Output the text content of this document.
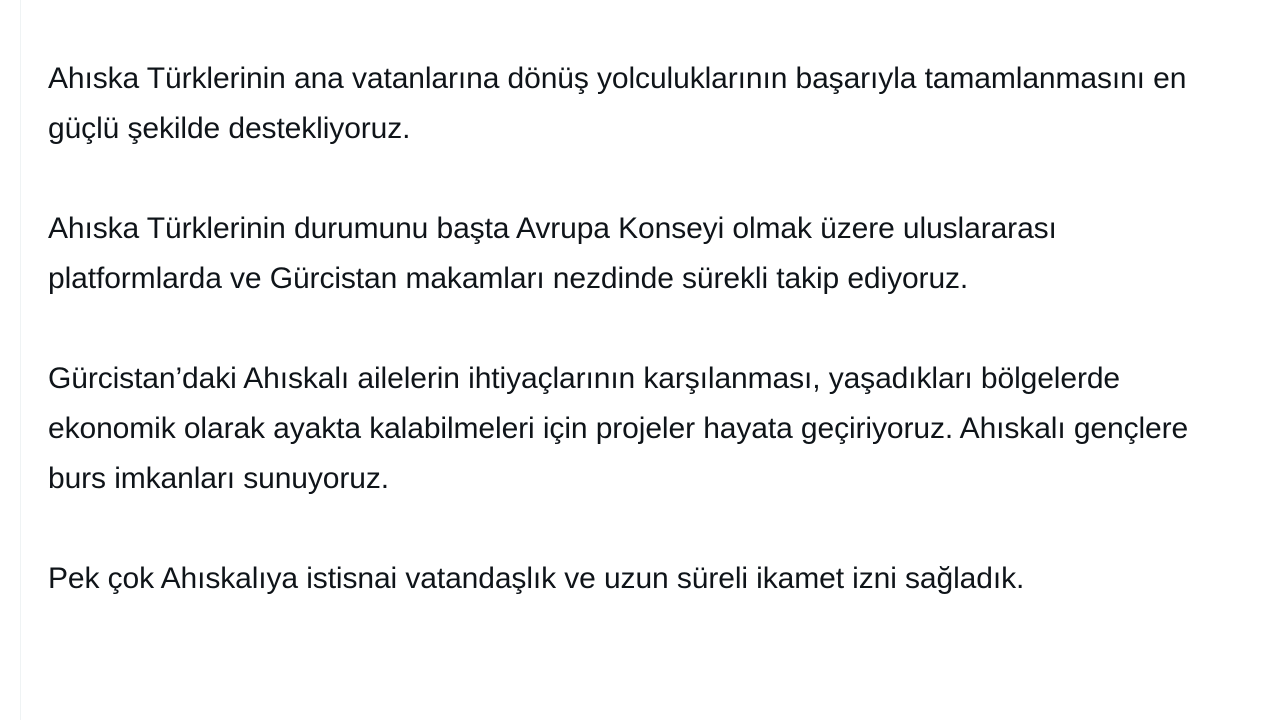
Ahıska Türklerinin ana vatanlarına dönüş yolculuklarının başarıyla tamamlanmasını en güçlü şekilde destekliyoruz.

Ahıska Türklerinin durumunu başta Avrupa Konseyi olmak üzere uluslararası platformlarda ve Gürcistan makamları nezdinde sürekli takip ediyoruz.

Gürcistan’daki Ahıskalı ailelerin ihtiyaçlarının karşılanması, yaşadıkları bölgelerde ekonomik olarak ayakta kalabilmeleri için projeler hayata geçiriyoruz. Ahıskalı gençlere burs imkanları sunuyoruz.

Pek çok Ahıskalıya istisnai vatandaşlık ve uzun süreli ikamet izni sağladık.
